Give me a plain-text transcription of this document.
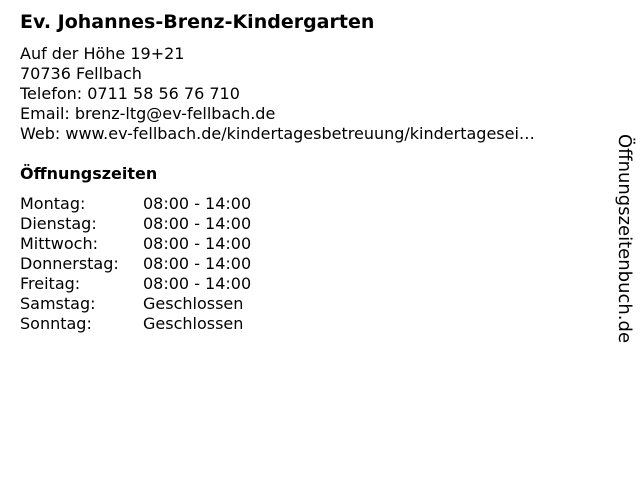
Ev. Johannes-Brenz-Kindergarten
Auf der Höhe 19+21
70736 Fellbach
Telefon: 0711 58 56 76 710
Email: brenz-ltg@ev-fellbach.de
Web: www.ev-fellbach.de/kindertagesbetreuung/kindertagesei…
Öffnungszeiten
Montag:	08:00 - 14:00
Dienstag:	08:00 - 14:00
Mittwoch:	08:00 - 14:00
Donnerstag: 08:00 - 14:00
Freitag:	08:00 - 14:00
Samstag:	Geschlossen
Sonntag:	Geschlossen	Öffnungszeitenbuch.de
